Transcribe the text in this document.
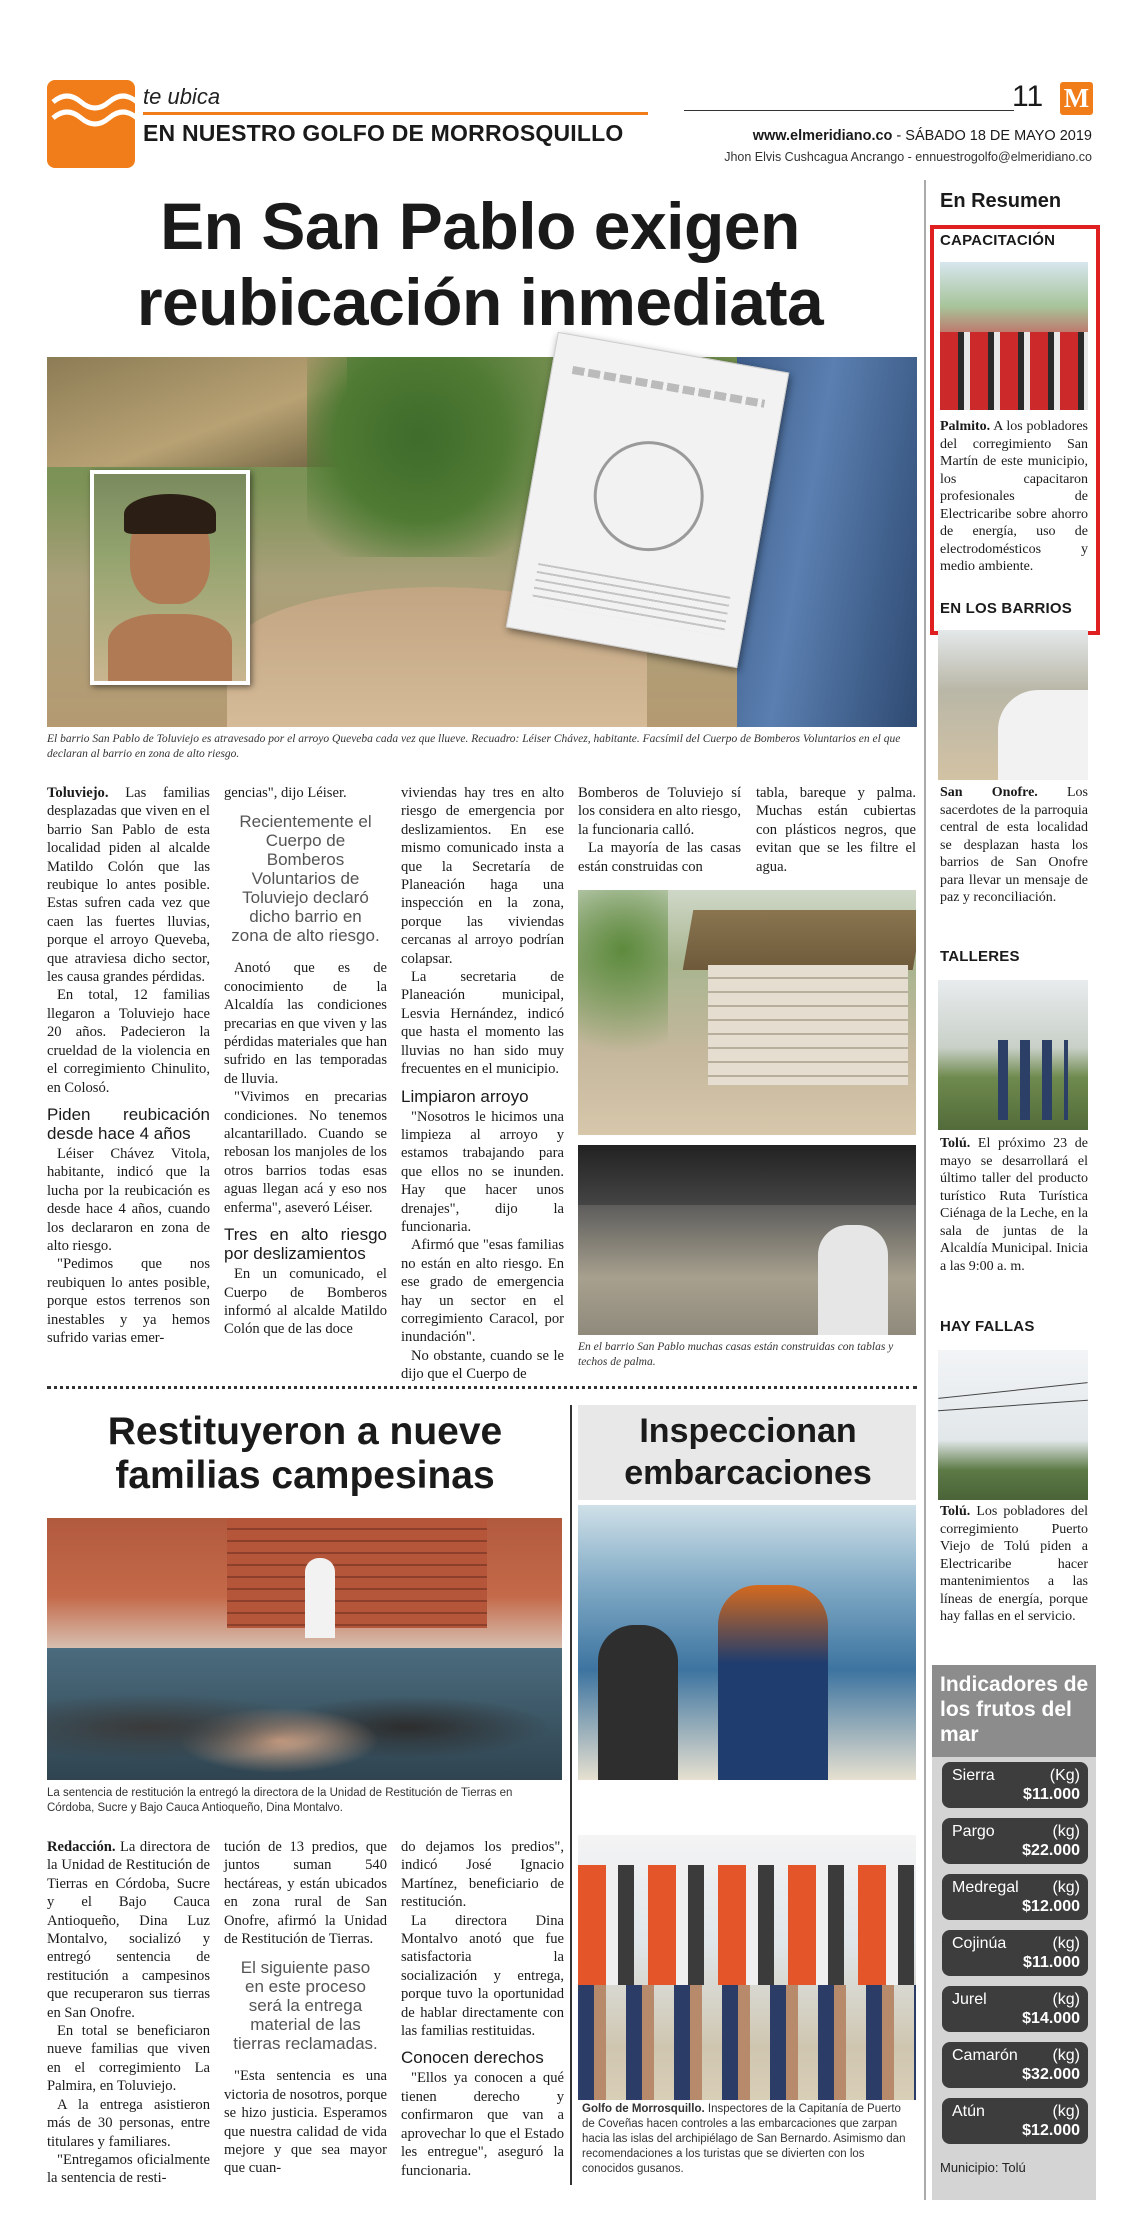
te ubica
EN NUESTRO GOLFO DE MORROSQUILLO
11 M
www.elmeridiano.co - SÁBADO 18 DE MAYO 2019
Jhon Elvis Cushcagua Ancrango - ennuestrogolfo@elmeridiano.co
En San Pablo exigen reubicación inmediata
El barrio San Pablo de Toluviejo es atravesado por el arroyo Queveba cada vez que llueve. Recuadro: Léiser Chávez, habitante. Facsímil del Cuerpo de Bomberos Voluntarios en el que declaran al barrio en zona de alto riesgo.

Toluviejo. Las familias desplazadas que viven en el barrio San Pablo de esta localidad piden al alcalde Matildo Colón que las reubique lo antes posible. Estas sufren cada vez que caen las fuertes lluvias, porque el arroyo Queveba, que atraviesa dicho sector, les causa grandes pérdidas.

En total, 12 familias llegaron a Toluviejo hace 20 años. Padecieron la crueldad de la violencia en el corregimiento Chinulito, en Colosó.

Piden reubicación desde hace 4 años

Léiser Chávez Vitola, habitante, indicó que la lucha por la reubicación es desde hace 4 años, cuando los declararon en zona de alto riesgo.

"Pedimos que nos reubiquen lo antes posible, porque estos terrenos son inestables y ya hemos sufrido varias emer-

gencias", dijo Léiser.

Recientemente el Cuerpo de Bomberos Voluntarios de Toluviejo declaró dicho barrio en zona de alto riesgo.

Anotó que es de conocimiento de la Alcaldía las condiciones precarias en que viven y las pérdidas materiales que han sufrido en las temporadas de lluvia.

"Vivimos en precarias condiciones. No tenemos alcantarillado. Cuando se rebosan los manjoles de los otros barrios todas esas aguas llegan acá y eso nos enferma", aseveró Léiser.

Tres en alto riesgo por deslizamientos

En un comunicado, el Cuerpo de Bomberos informó al alcalde Matildo Colón que de las doce

viviendas hay tres en alto riesgo de emergencia por deslizamientos. En ese mismo comunicado insta a que la Secretaría de Planeación haga una inspección en la zona, porque las viviendas cercanas al arroyo podrían colapsar.

La secretaria de Planeación municipal, Lesvia Hernández, indicó que hasta el momento las lluvias no han sido muy frecuentes en el municipio.

Limpiaron arroyo

"Nosotros le hicimos una limpieza al arroyo y estamos trabajando para que ellos no se inunden. Hay que hacer unos drenajes", dijo la funcionaria.

Afirmó que "esas familias no están en alto riesgo. En ese grado de emergencia hay un sector en el corregimiento Caracol, por inundación".

No obstante, cuando se le dijo que el Cuerpo de

Bomberos de Toluviejo sí los considera en alto riesgo, la funcionaria calló.

La mayoría de las casas están construidas con

tabla, bareque y palma. Muchas están cubiertas con plásticos negros, que evitan que se les filtre el agua.

En el barrio San Pablo muchas casas están construidas con tablas y techos de palma.
Restituyeron a nueve familias campesinas
La sentencia de restitución la entregó la directora de la Unidad de Restitución de Tierras en Córdoba, Sucre y Bajo Cauca Antioqueño, Dina Montalvo.

Redacción. La directora de la Unidad de Restitución de Tierras en Córdoba, Sucre y el Bajo Cauca Antioqueño, Dina Luz Montalvo, socializó y entregó sentencia de restitución a campesinos que recuperaron sus tierras en San Onofre.

En total se beneficiaron nueve familias que viven en el corregimiento La Palmira, en Toluviejo.

A la entrega asistieron más de 30 personas, entre titulares y familiares.

"Entregamos oficialmente la sentencia de resti-

tución de 13 predios, que juntos suman 540 hectáreas, y están ubicados en zona rural de San Onofre, afirmó la Unidad de Restitución de Tierras.

El siguiente paso en este proceso será la entrega material de las tierras reclamadas.

"Esta sentencia es una victoria de nosotros, porque se hizo justicia. Esperamos que nuestra calidad de vida mejore y que sea mayor que cuan-

do dejamos los predios", indicó José Ignacio Martínez, beneficiario de restitución.

La directora Dina Montalvo anotó que fue satisfactoria la socialización y entrega, porque tuvo la oportunidad de hablar directamente con las familias restituidas.

Conocen derechos

"Ellos ya conocen a qué tienen derecho y confirmaron que van a aprovechar lo que el Estado les entregue", aseguró la funcionaria.

Inspeccionan embarcaciones
Golfo de Morrosquillo. Inspectores de la Capitanía de Puerto de Coveñas hacen controles a las embarcaciones que zarpan hacia las islas del archipiélago de San Bernardo. Asimismo dan recomendaciones a los turistas que se divierten con los conocidos gusanos.
En Resumen
CAPACITACIÓN
Palmito. A los pobladores del corregimiento San Martín de este municipio, los capacitaron profesionales de Electricaribe sobre ahorro de energía, uso de electrodomésticos y medio ambiente.
EN LOS BARRIOS
San Onofre. Los sacerdotes de la parroquia central de esta localidad se desplazan hasta los barrios de San Onofre para llevar un mensaje de paz y reconciliación.
TALLERES
Tolú. El próximo 23 de mayo se desarrollará el último taller del producto turístico Ruta Turística Ciénaga de la Leche, en la sala de juntas de la Alcaldía Municipal. Inicia a las 9:00 a. m.
HAY FALLAS
Tolú. Los pobladores del corregimiento Puerto Viejo de Tolú piden a Electricaribe hacer mantenimientos a las líneas de energía, porque hay fallas en el servicio.
Indicadores de los frutos del mar
Sierra	(Kg)
$11.000
Pargo	(kg)
$22.000
Medregal (kg)
$12.000
Cojinúa	(kg)
$11.000
Jurel	(kg)
$14.000
Camarón (kg)
$32.000
Atún	(kg)
$12.000
Municipio: Tolú
